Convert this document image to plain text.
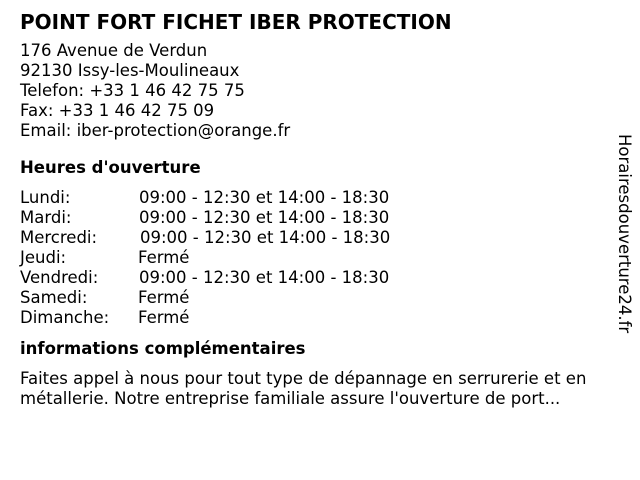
POINT FORT FICHET IBER PROTECTION
176 Avenue de Verdun
92130 Issy-les-Moulineaux
Telefon: +33 1 46 42 75 75
Fax: +33 1 46 42 75 09
Email: iber-protection@orange.fr
Heures d'ouverture
Lundi:	09:00 - 12:30 et 14:00 - 18:30
Mardi:	09:00 - 12:30 et 14:00 - 18:30
Mercredi:	09:00 - 12:30 et 14:00 - 18:30
Jeudi:	Fermé
Vendredi:	09:00 - 12:30 et 14:00 - 18:30
Samedi:	Fermé
Dimanche:	Fermé
informations complémentaires
Faites appel à nous pour tout type de dépannage en serrurerie et en métallerie. Notre entreprise familiale assure l'ouverture de port...
Horairesdouverture24.fr
